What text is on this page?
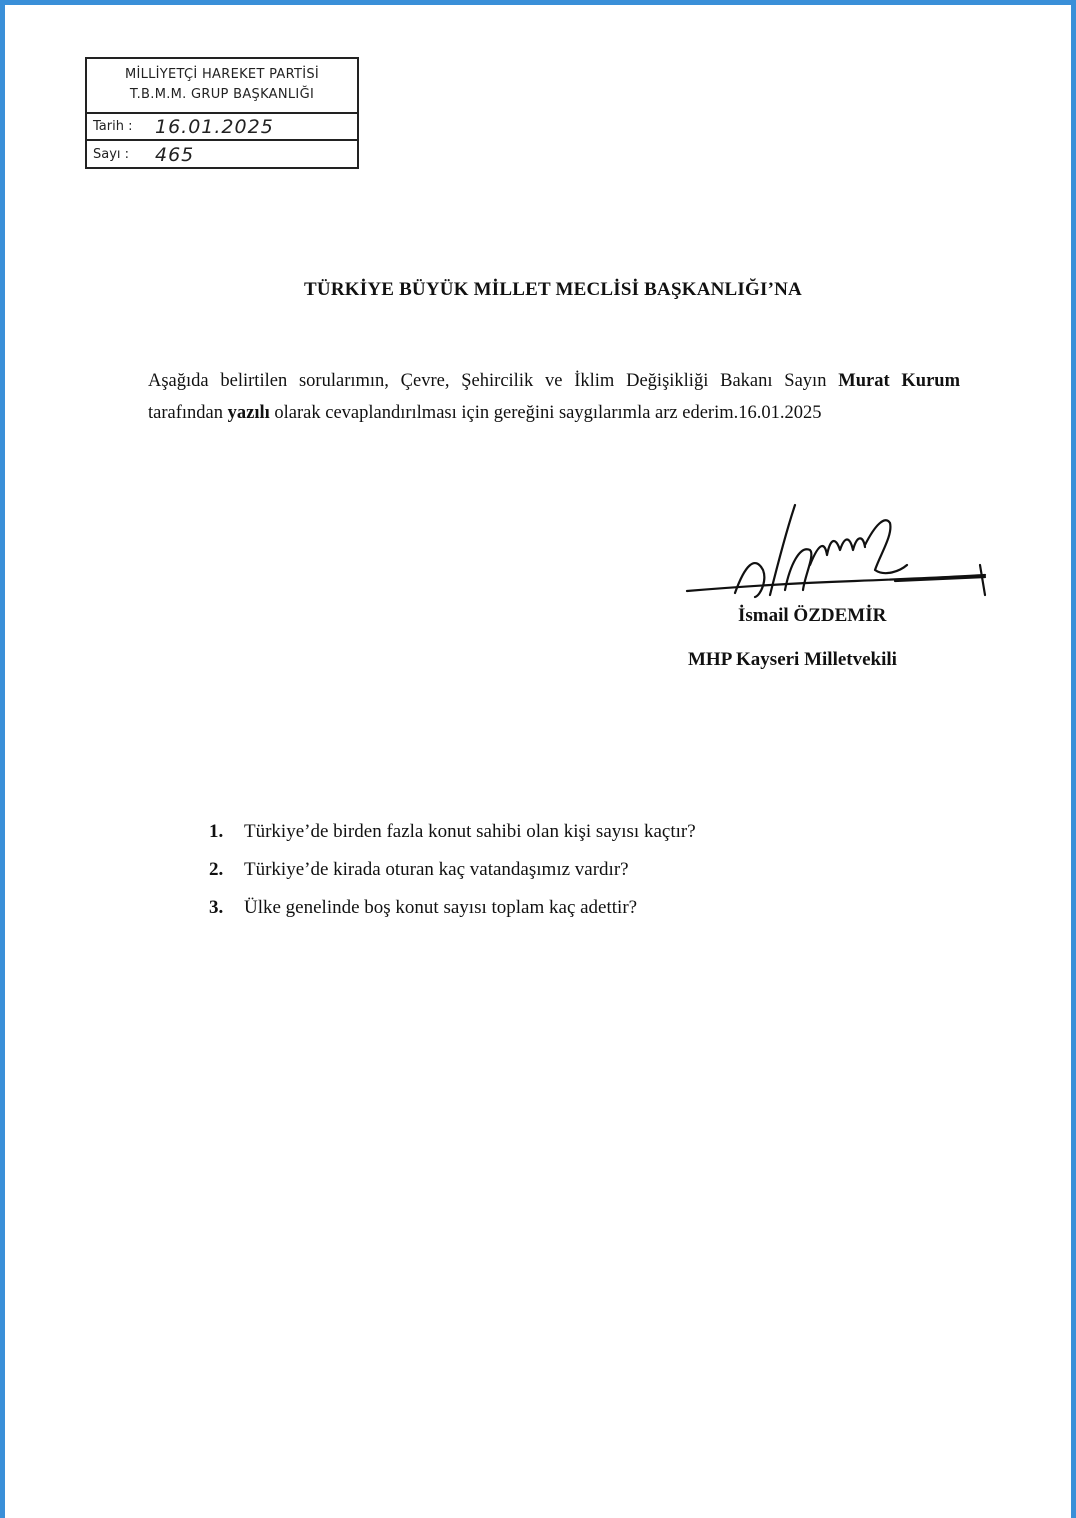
MİLLİYETÇİ HAREKET PARTİSİ
T.B.M.M. GRUP BAŞKANLIĞI
Tarih :	16.01.2025
Sayı :	465
TÜRKİYE BÜYÜK MİLLET MECLİSİ BAŞKANLIĞI’NA

Aşağıda belirtilen sorularımın, Çevre, Şehircilik ve İklim Değişikliği Bakanı Sayın Murat Kurum tarafından yazılı olarak cevaplandırılması için gereğini saygılarımla arz ederim.16.01.2025

İsmail ÖZDEMİR
MHP Kayseri Milletvekili
1.	Türkiye’de birden fazla konut sahibi olan kişi sayısı kaçtır?
2.	Türkiye’de kirada oturan kaç vatandaşımız vardır?
3.	Ülke genelinde boş konut sayısı toplam kaç adettir?
